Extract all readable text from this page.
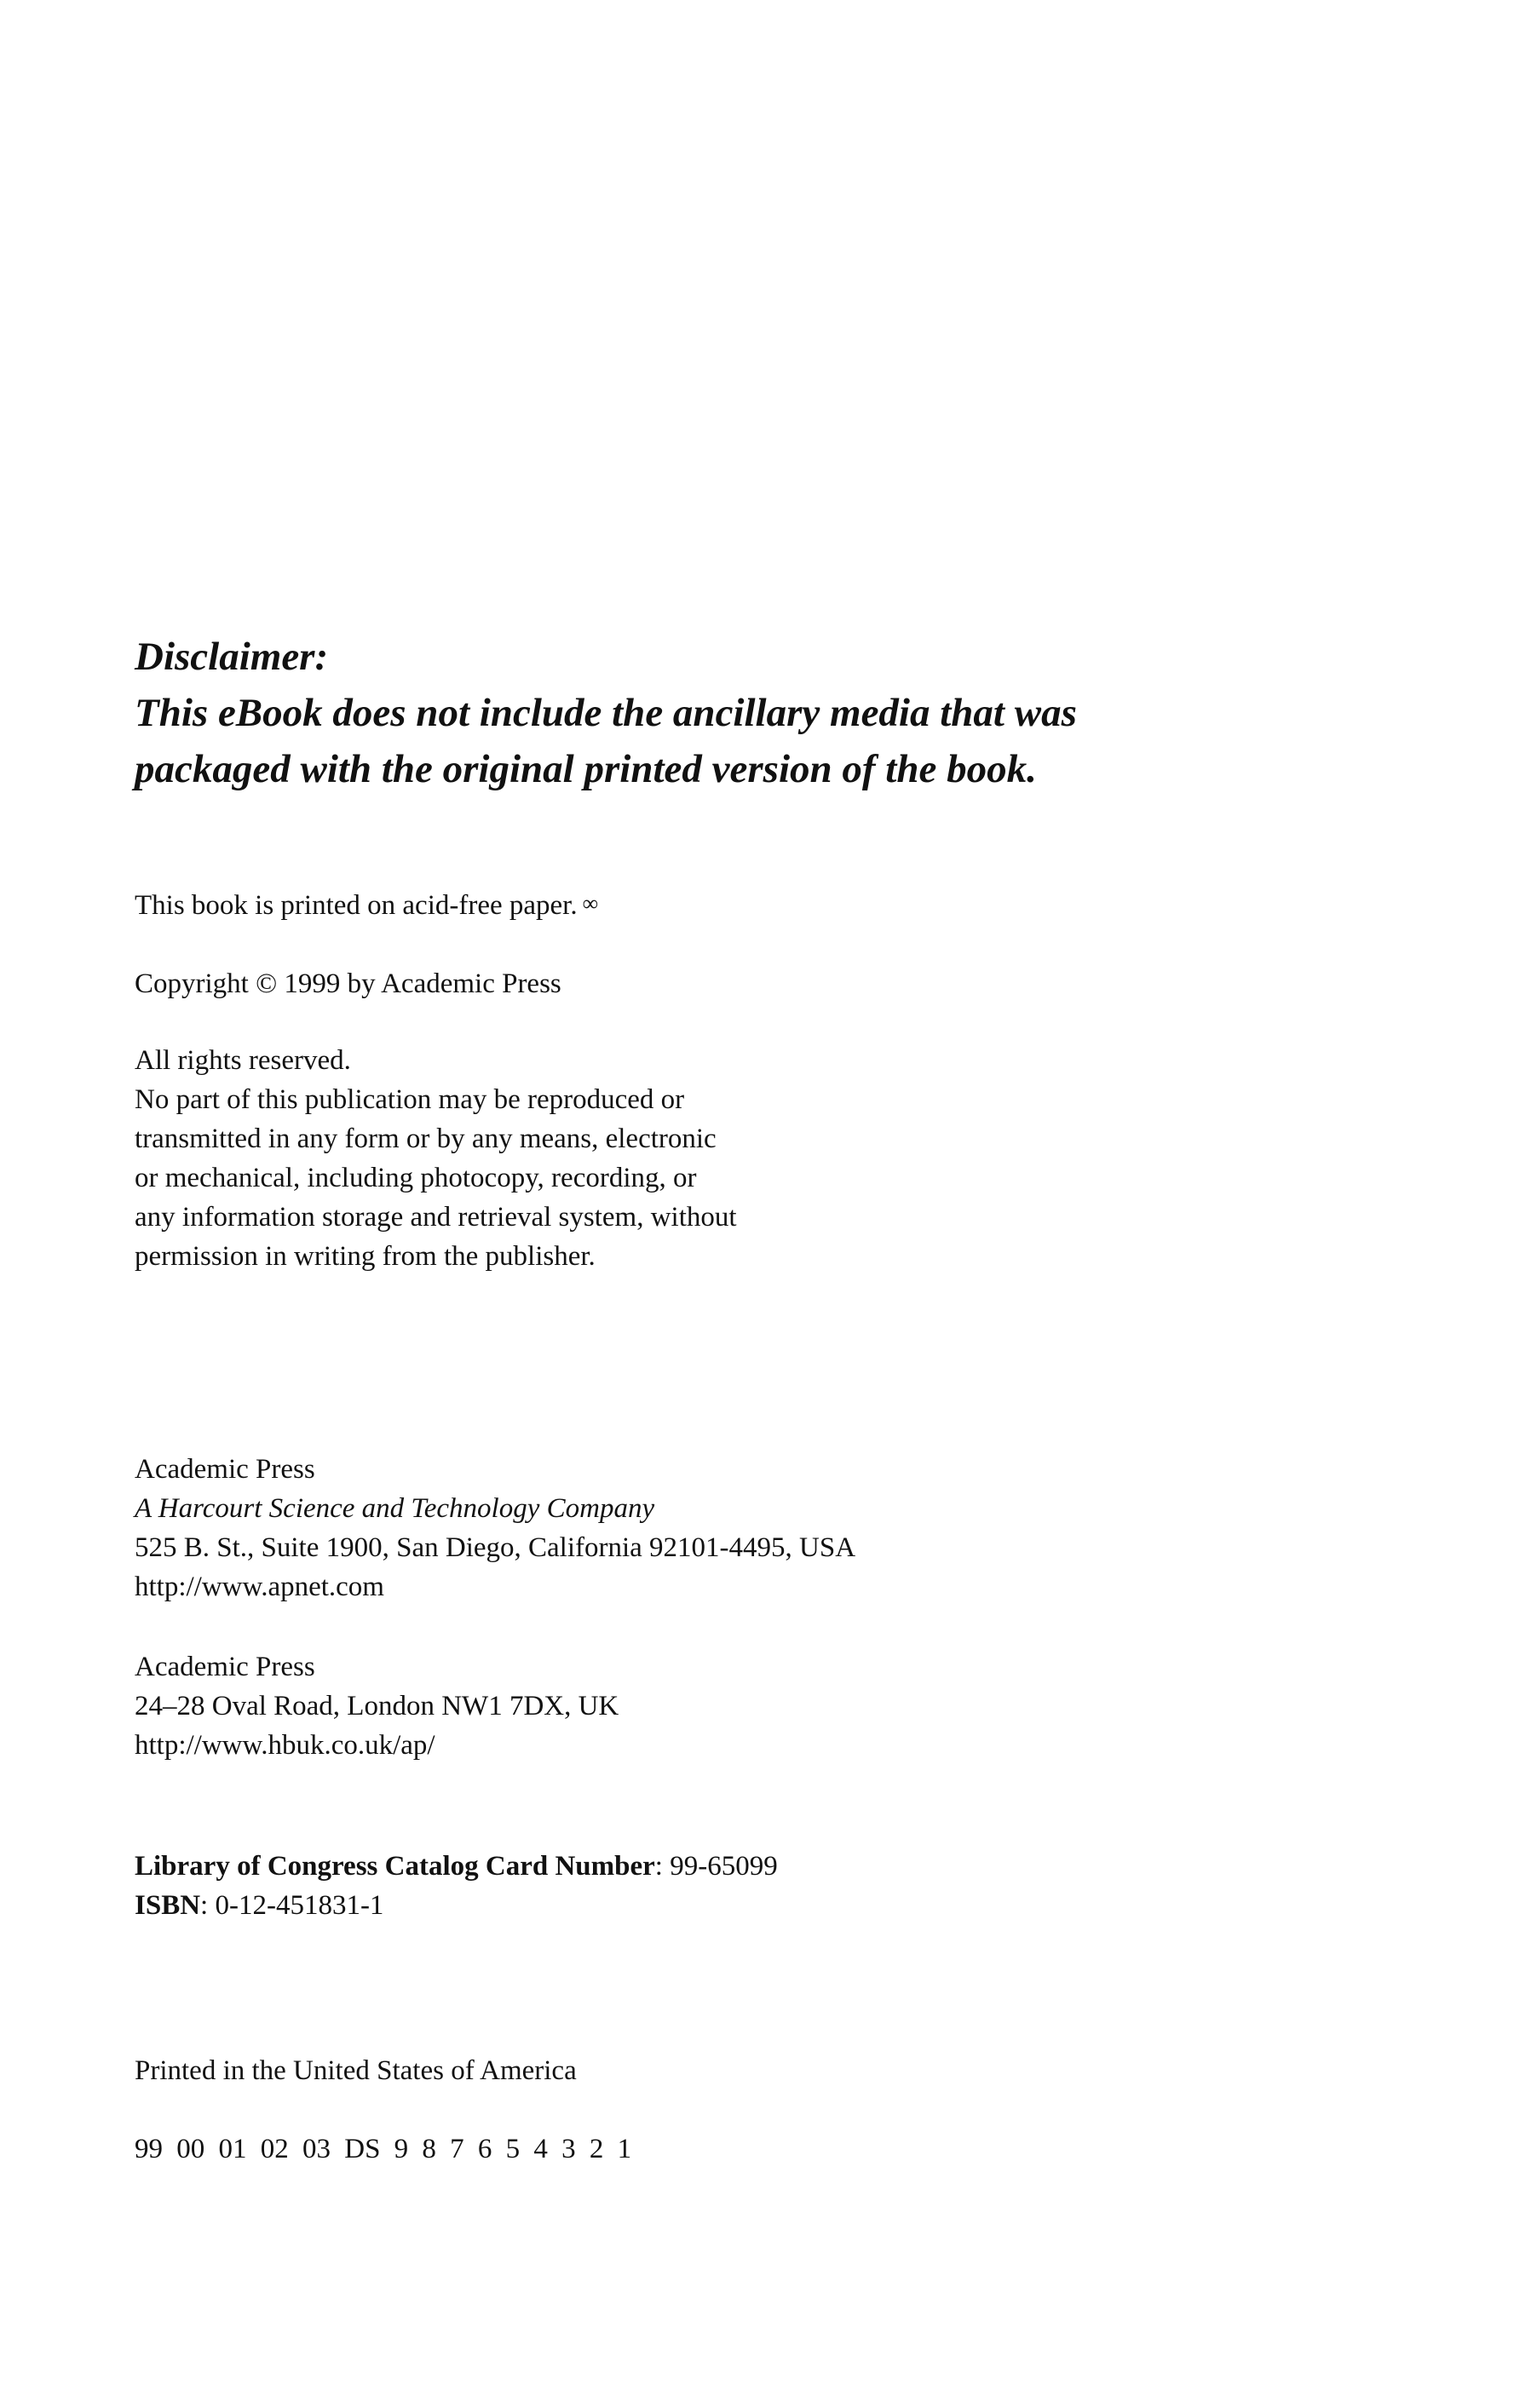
Disclaimer:
This eBook does not include the ancillary media that was
packaged with the original printed version of the book.
This book is printed on acid-free paper. ∞
Copyright © 1999 by Academic Press
All rights reserved.
No part of this publication may be reproduced or
transmitted in any form or by any means, electronic
or mechanical, including photocopy, recording, or
any information storage and retrieval system, without
permission in writing from the publisher.
Academic Press
A Harcourt Science and Technology Company
525 B. St., Suite 1900, San Diego, California 92101-4495, USA
http://www.apnet.com
Academic Press
24–28 Oval Road, London NW1 7DX, UK
http://www.hbuk.co.uk/ap/
Library of Congress Catalog Card Number: 99-65099
ISBN: 0-12-451831-1
Printed in the United States of America
99 00 01 02 03 DS 9 8 7 6 5 4 3 2 1
